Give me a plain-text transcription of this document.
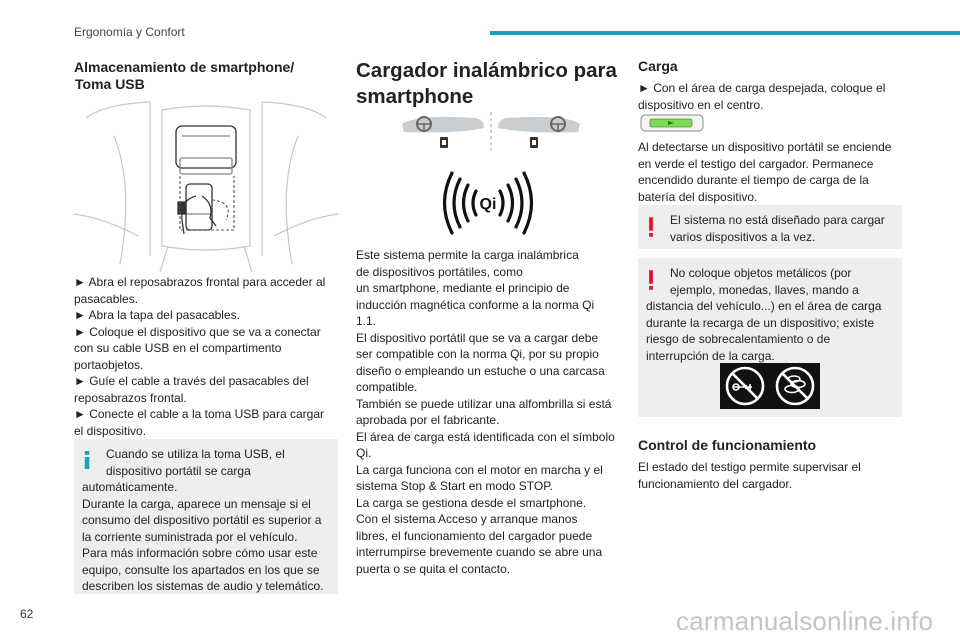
Ergonomía y Confort

Almacenamiento de smartphone/

Toma USB

► Abra el reposabrazos frontal para acceder al

pasacables.

► Abra la tapa del pasacables.

► Coloque el dispositivo que se va a conectar

con su cable USB en el compartimento

portaobjetos.

► Guíe el cable a través del pasacables del

reposabrazos frontal.

► Conecte el cable a la toma USB para cargar

el dispositivo.

Cuando se utiliza la toma USB, el

dispositivo portátil se carga

automáticamente.

Durante la carga, aparece un mensaje si el

consumo del dispositivo portátil es superior a

la corriente suministrada por el vehículo.

Para más información sobre cómo usar este

equipo, consulte los apartados en los que se

describen los sistemas de audio y telemático.

Cargador inalámbrico para

smartphone

Qi

Este sistema permite la carga inalámbrica

de dispositivos portátiles, como

un smartphone, mediante el principio de

inducción magnética conforme a la norma Qi

1.1.

El dispositivo portátil que se va a cargar debe

ser compatible con la norma Qi, por su propio

diseño o empleando un estuche o una carcasa

compatible.

También se puede utilizar una alfombrilla si está

aprobada por el fabricante.

El área de carga está identificada con el símbolo

Qi.

La carga funciona con el motor en marcha y el

sistema Stop & Start en modo STOP.

La carga se gestiona desde el smartphone.

Con el sistema Acceso y arranque manos

libres, el funcionamiento del cargador puede

interrumpirse brevemente cuando se abre una

puerta o se quita el contacto.

Carga

► Con el área de carga despejada, coloque el

dispositivo en el centro.

Al detectarse un dispositivo portátil se enciende

en verde el testigo del cargador. Permanece

encendido durante el tiempo de carga de la

batería del dispositivo.

El sistema no está diseñado para cargar

varios dispositivos a la vez.

No coloque objetos metálicos (por

ejemplo, monedas, llaves, mando a

distancia del vehículo...) en el área de carga

durante la recarga de un dispositivo; existe

riesgo de sobrecalentamiento o de

interrupción de la carga.

Control de funcionamiento

El estado del testigo permite supervisar el

funcionamiento del cargador.

62	carmanualsonline.info
